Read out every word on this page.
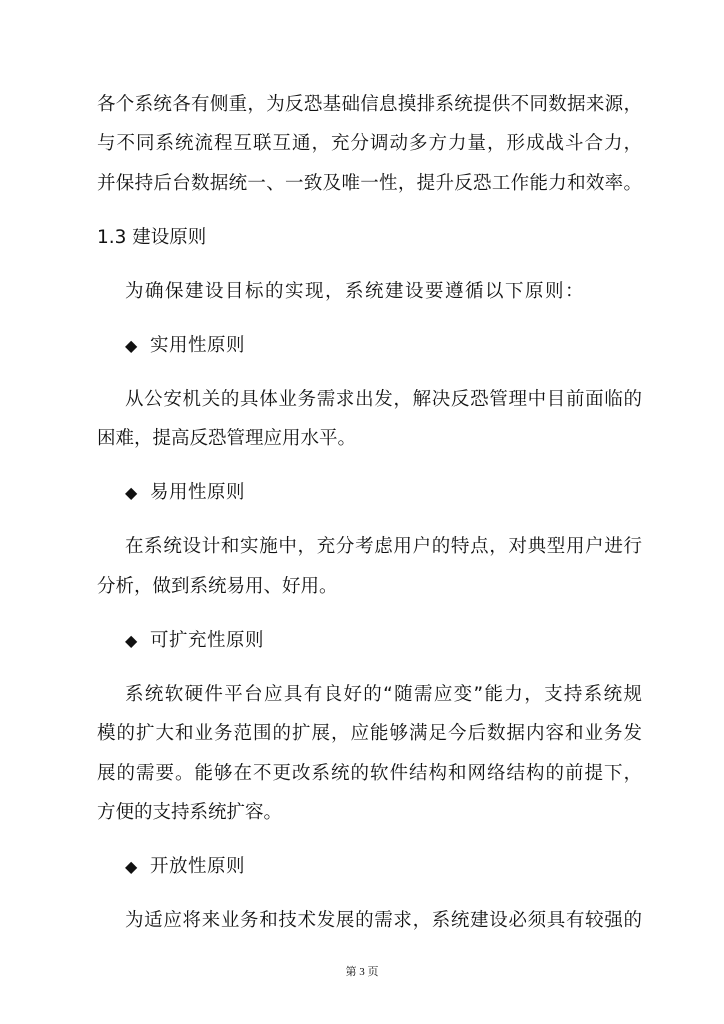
各个系统各有侧重，为反恐基础信息摸排系统提供不同数据来源，
与不同系统流程互联互通，充分调动多方力量，形成战斗合力，
并保持后台数据统一、一致及唯一性，提升反恐工作能力和效率。
1.3 建设原则
为确保建设目标的实现，系统建设要遵循以下原则：
◆ 实用性原则
从公安机关的具体业务需求出发，解决反恐管理中目前面临的
困难，提高反恐管理应用水平。
◆ 易用性原则
在系统设计和实施中，充分考虑用户的特点，对典型用户进行
分析，做到系统易用、好用。
◆ 可扩充性原则
系统软硬件平台应具有良好的“随需应变”能力，支持系统规
模的扩大和业务范围的扩展，应能够满足今后数据内容和业务发
展的需要。能够在不更改系统的软件结构和网络结构的前提下，
方便的支持系统扩容。
◆ 开放性原则
为适应将来业务和技术发展的需求，系统建设必须具有较强的
第 3 页
